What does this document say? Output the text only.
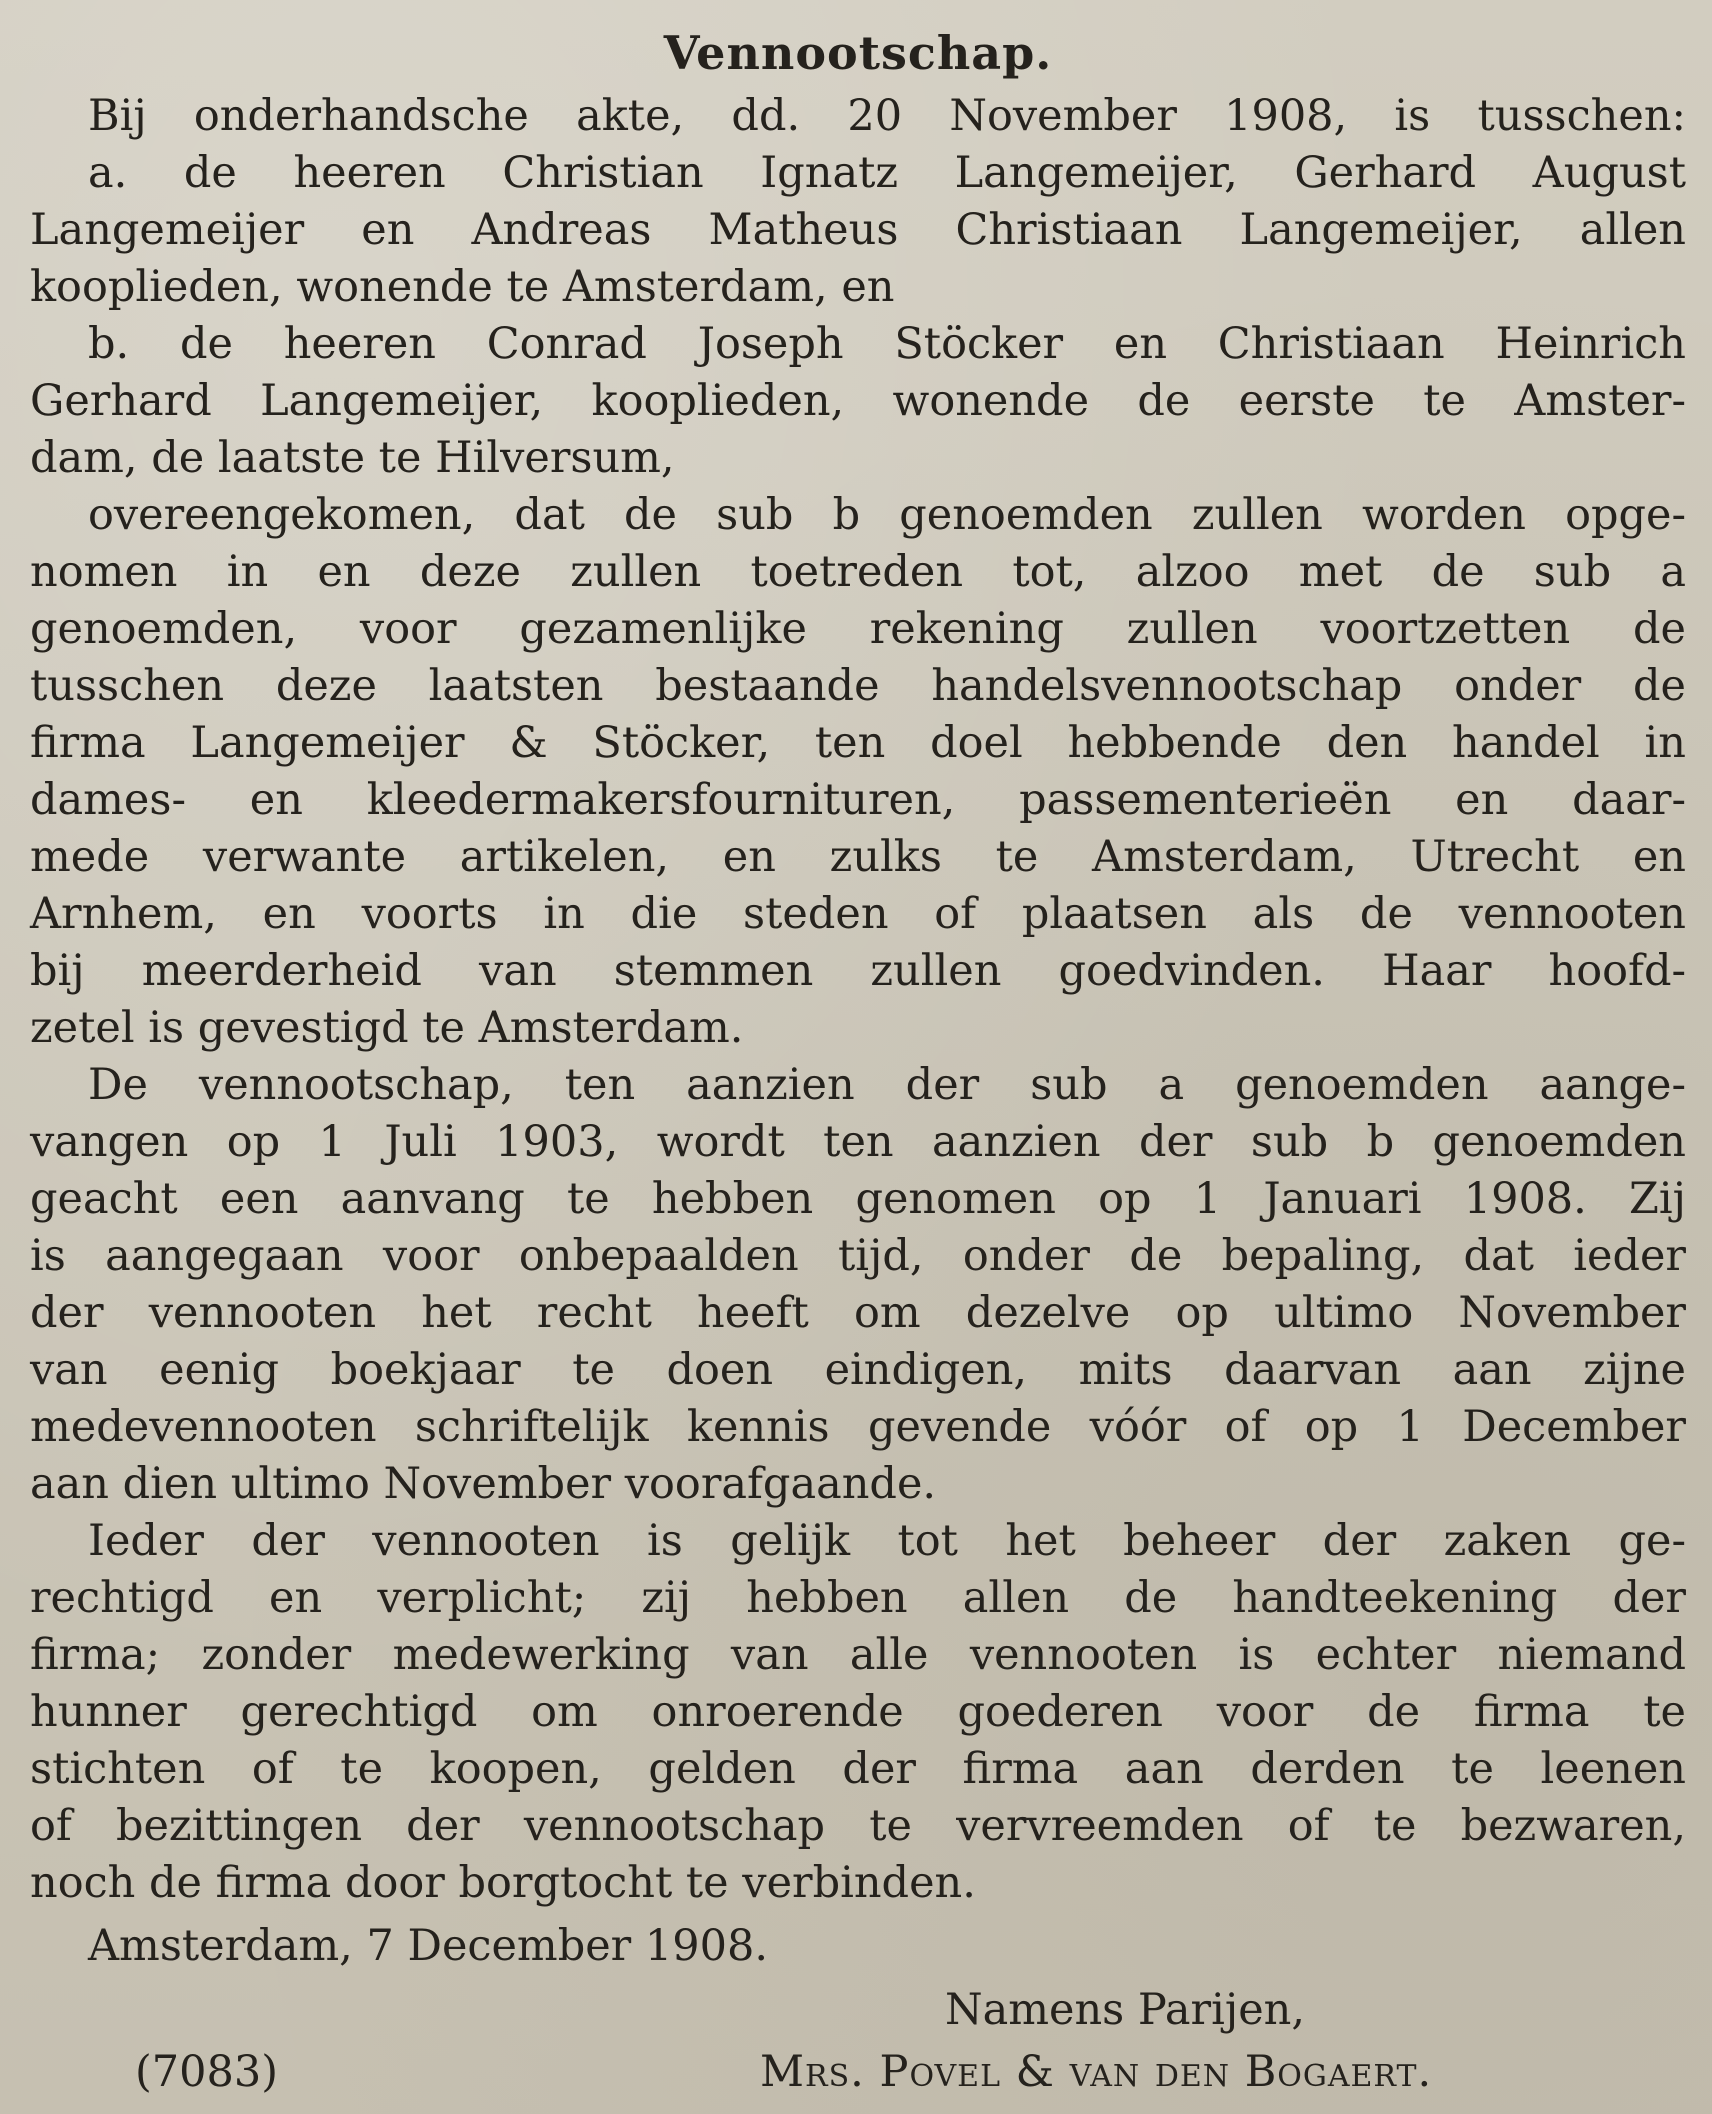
Vennootschap.
Bij onderhandsche akte, dd. 20 November 1908, is tusschen:
a. de heeren Christian Ignatz Langemeijer, Gerhard August
Langemeijer en Andreas Matheus Christiaan Langemeijer, allen
kooplieden, wonende te Amsterdam, en
b. de heeren Conrad Joseph Stöcker en Christiaan Heinrich
Gerhard Langemeijer, kooplieden, wonende de eerste te Amster-
dam, de laatste te Hilversum,
overeengekomen, dat de sub b genoemden zullen worden opge-
nomen in en deze zullen toetreden tot, alzoo met de sub a
genoemden, voor gezamenlijke rekening zullen voortzetten de
tusschen deze laatsten bestaande handelsvennootschap onder de
firma Langemeijer & Stöcker, ten doel hebbende den handel in
dames- en kleedermakersfournituren, passementerieën en daar-
mede verwante artikelen, en zulks te Amsterdam, Utrecht en
Arnhem, en voorts in die steden of plaatsen als de vennooten
bij meerderheid van stemmen zullen goedvinden. Haar hoofd-
zetel is gevestigd te Amsterdam.
De vennootschap, ten aanzien der sub a genoemden aange-
vangen op 1 Juli 1903, wordt ten aanzien der sub b genoemden
geacht een aanvang te hebben genomen op 1 Januari 1908. Zij
is aangegaan voor onbepaalden tijd, onder de bepaling, dat ieder
der vennooten het recht heeft om dezelve op ultimo November
van eenig boekjaar te doen eindigen, mits daarvan aan zijne
medevennooten schriftelijk kennis gevende vóór of op 1 December
aan dien ultimo November voorafgaande.
Ieder der vennooten is gelijk tot het beheer der zaken ge-
rechtigd en verplicht; zij hebben allen de handteekening der
firma; zonder medewerking van alle vennooten is echter niemand
hunner gerechtigd om onroerende goederen voor de firma te
stichten of te koopen, gelden der firma aan derden te leenen
of bezittingen der vennootschap te vervreemden of te bezwaren,
noch de firma door borgtocht te verbinden.
Amsterdam, 7 December 1908.
Namens Parijen,
(7083)	Mrs. Povel & van den Bogaert.
